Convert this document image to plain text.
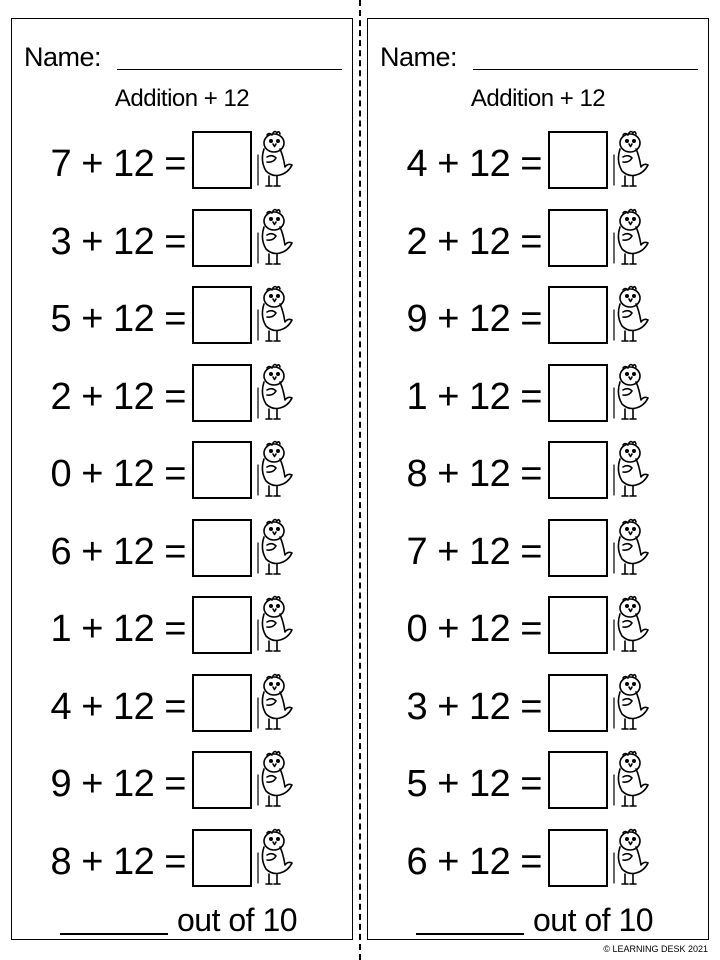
Name:
Addition + 12
7 + 12 =
3 + 12 =
5 + 12 =
2 + 12 =
0 + 12 =
6 + 12 =
1 + 12 =
4 + 12 =
9 + 12 =
8 + 12 =
out of 10
Name:
Addition + 12
4 + 12 =
2 + 12 =
9 + 12 =
1 + 12 =
8 + 12 =
7 + 12 =
0 + 12 =
3 + 12 =
5 + 12 =
6 + 12 =
out of 10
© LEARNING DESK 2021
